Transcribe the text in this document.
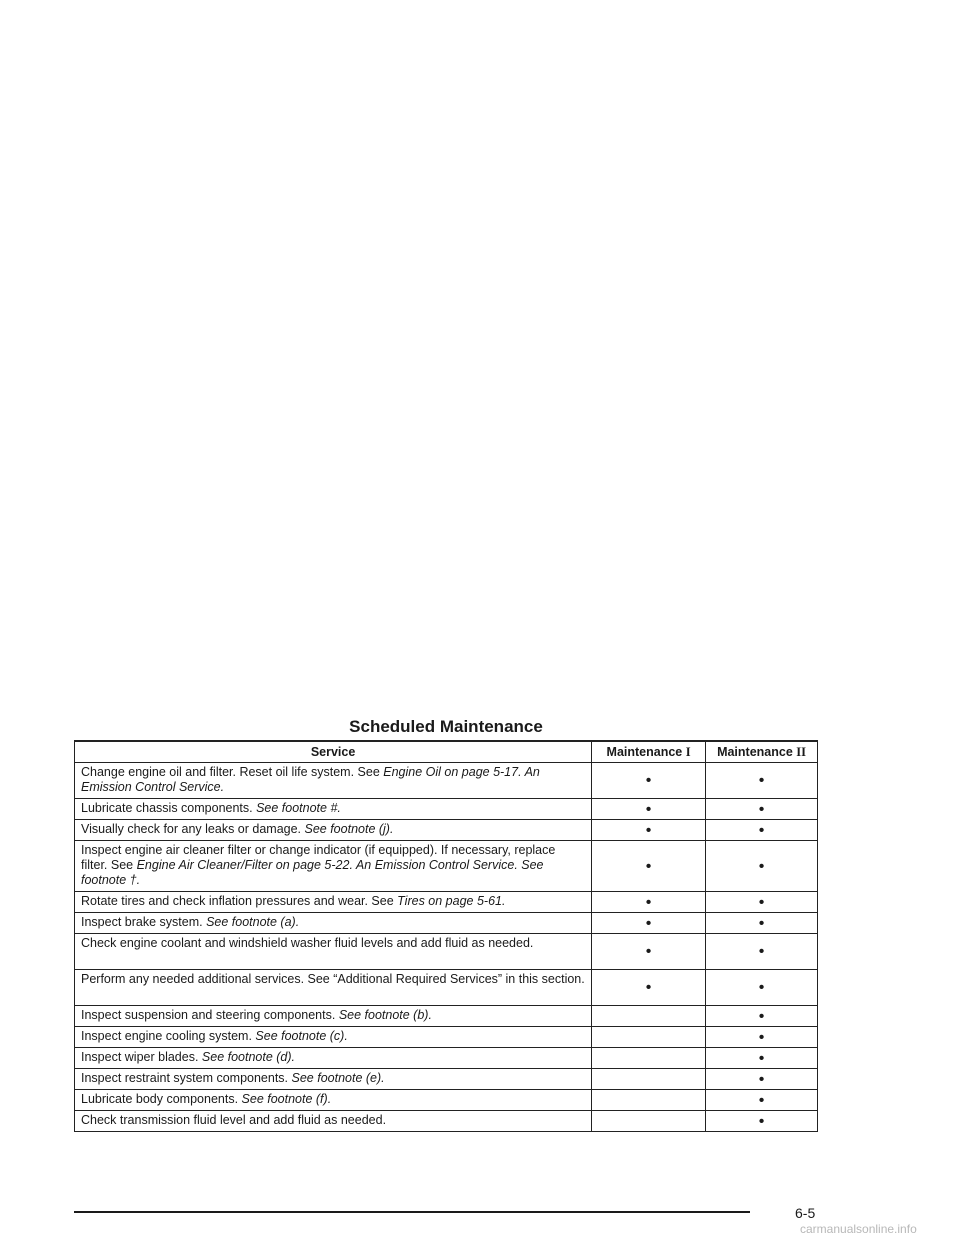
Scheduled Maintenance
Service	Maintenance I	Maintenance II
Change engine oil and filter. Reset oil life system. See Engine Oil on page 5-17. An Emission Control Service.	•	•
Lubricate chassis components. See footnote #.	•	•
Visually check for any leaks or damage. See footnote (j).	•	•
Inspect engine air cleaner filter or change indicator (if equipped). If necessary, replace filter. See Engine Air Cleaner/Filter on page 5-22. An Emission Control Service. See footnote †.	•	•
Rotate tires and check inflation pressures and wear. See Tires on page 5-61.	•	•
Inspect brake system. See footnote (a).	•	•
Check engine coolant and windshield washer fluid levels and add fluid as needed.	•	•
Perform any needed additional services. See “Additional Required Services” in this section.	•	•
Inspect suspension and steering components. See footnote (b).		•
Inspect engine cooling system. See footnote (c).		•
Inspect wiper blades. See footnote (d).		•
Inspect restraint system components. See footnote (e).		•
Lubricate body components. See footnote (f).		•
Check transmission fluid level and add fluid as needed.		•
6-5
carmanualsonline.info
